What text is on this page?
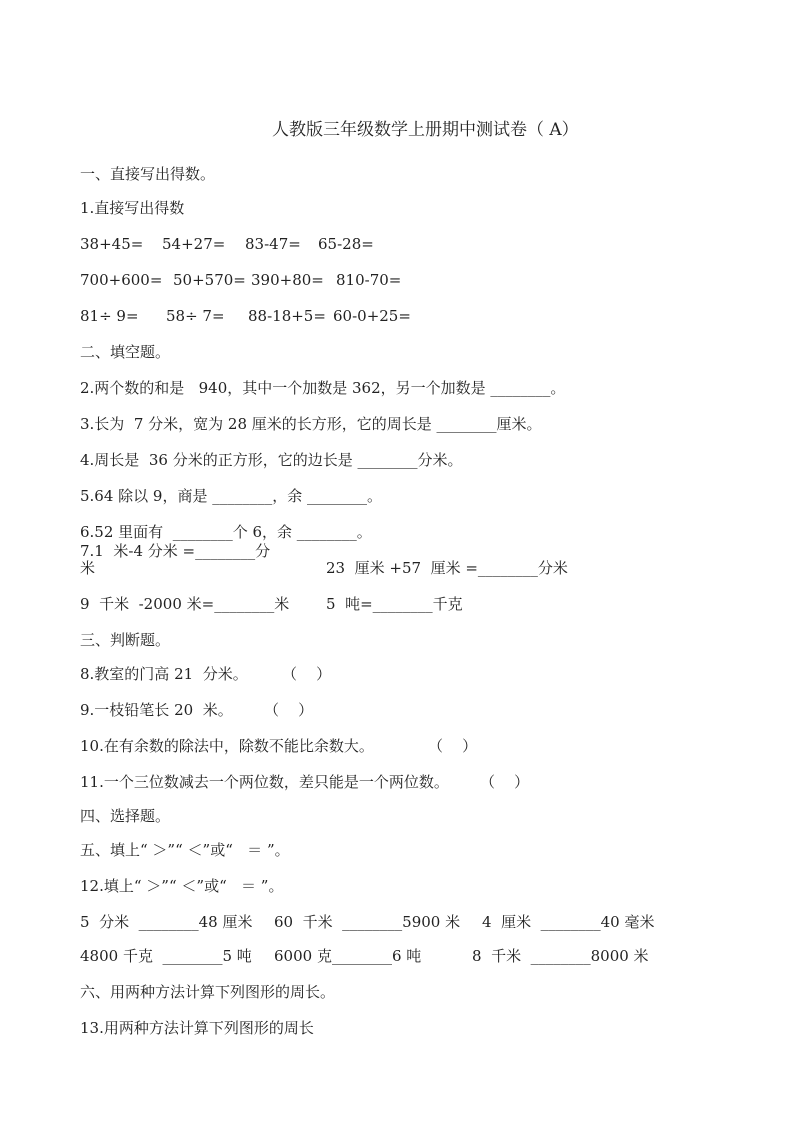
人教版三年级数学上册期中测试卷（ A）
一、直接写出得数。
1.直接写出得数
38+45= 54+27= 83-47= 65-28=
700+600= 50+570= 390+80= 810-70=
81÷ 9= 58÷ 7= 88-18+5= 60-0+25=
二、填空题。
2.两个数的和是   940，其中一个加数是 362，另一个加数是 ________。
3.长为  7 分米，宽为 28 厘米的长方形，它的周长是 ________厘米。
4.周长是  36 分米的正方形，它的边长是 ________分米。
5.64 除以 9，商是 ________，余 ________。
6.52 里面有  ________个 6，余 ________。
7.1  米-4 分米 =________分
米	23  厘米 +57  厘米 =________分米
9  千米  -2000 米=________米 5  吨=________千克
三、判断题。
8.教室的门高 21  分米。 （    ）
9.一枝铅笔长 20  米。 （    ）
10.在有余数的除法中，除数不能比余数大。	（    ）
11.一个三位数减去一个两位数，差只能是一个两位数。 （    ）
四、选择题。
五、填上“ ＞”“ ＜”或“   ＝ ”。
12.填上“ ＞”“ ＜”或“   ＝ ”。
5  分米  ________48 厘米 60  千米  ________5900 米 4  厘米  ________40 毫米
4800 千克  ________5 吨 6000 克________6 吨	8  千米  ________8000 米
六、用两种方法计算下列图形的周长。
13.用两种方法计算下列图形的周长
